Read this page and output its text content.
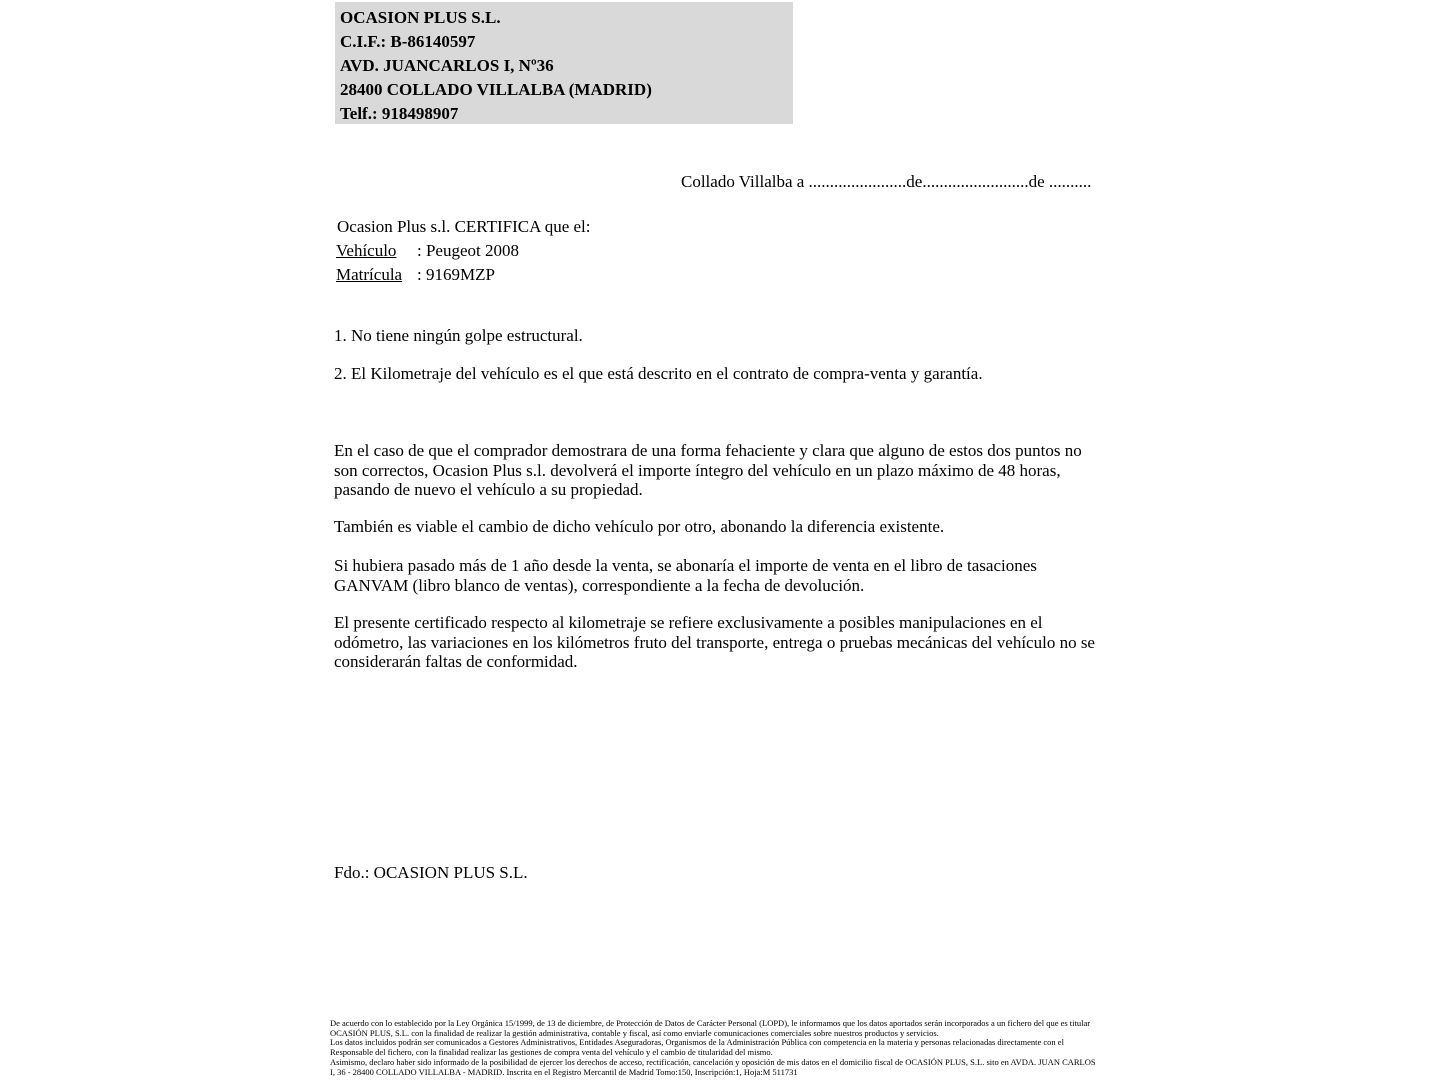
OCASION PLUS S.L.

C.I.F.: B-86140597

AVD. JUANCARLOS I, Nº36

28400 COLLADO VILLALBA (MADRID)

Telf.: 918498907

Collado Villalba a .......................de.........................de ..........

Ocasion Plus s.l. CERTIFICA que el:

Vehículo : Peugeot 2008

Matrícula : 9169MZP

1. No tiene ningún golpe estructural.

2. El Kilometraje del vehículo es el que está descrito en el contrato de compra-venta y garantía.

En el caso de que el comprador demostrara de una forma fehaciente y clara que alguno de estos dos puntos no son correctos, Ocasion Plus s.l. devolverá el importe íntegro del vehículo en un plazo máximo de 48 horas, pasando de nuevo el vehículo a su propiedad.

También es viable el cambio de dicho vehículo por otro, abonando la diferencia existente.

Si hubiera pasado más de 1 año desde la venta, se abonaría el importe de venta en el libro de tasaciones GANVAM (libro blanco de ventas), correspondiente a la fecha de devolución.

El presente certificado respecto al kilometraje se refiere exclusivamente a posibles manipulaciones en el odómetro, las variaciones en los kilómetros fruto del transporte, entrega o pruebas mecánicas del vehículo no se considerarán faltas de conformidad.

Fdo.: OCASION PLUS S.L.

De acuerdo con lo establecido por la Ley Orgánica 15/1999, de 13 de diciembre, de Protección de Datos de Carácter Personal (LOPD), le informamos que los datos aportados serán incorporados a un fichero del que es titular OCASIÓN PLUS, S.L. con la finalidad de realizar la gestión administrativa, contable y fiscal, así como enviarle comunicaciones comerciales sobre nuestros productos y servicios.

Los datos incluidos podrán ser comunicados a Gestores Administrativos, Entidades Aseguradoras, Organismos de la Administración Pública con competencia en la materia y personas relacionadas directamente con el Responsable del fichero, con la finalidad realizar las gestiones de compra venta del vehículo y el cambio de titularidad del mismo.

Asimismo, declaro haber sido informado de la posibilidad de ejercer los derechos de acceso, rectificación, cancelación y oposición de mis datos en el domicilio fiscal de OCASIÓN PLUS, S.L. sito en AVDA. JUAN CARLOS I, 36 - 28400 COLLADO VILLALBA - MADRID. Inscrita en el Registro Mercantil de Madrid Tomo:150, Inscripción:1, Hoja:M 511731
